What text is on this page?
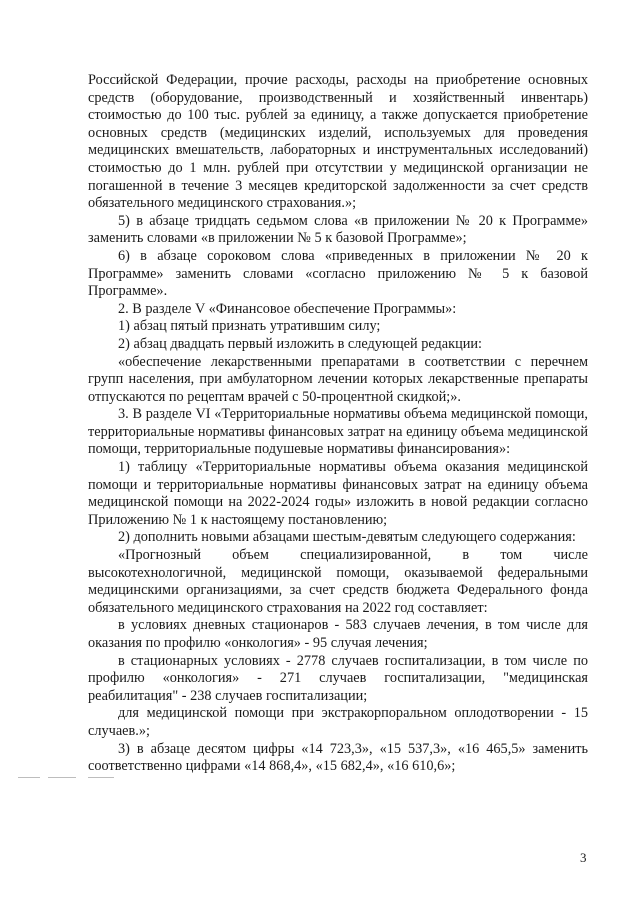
Российской Федерации, прочие расходы, расходы на приобретение основных средств (оборудование, производственный и хозяйственный инвентарь) стоимостью до 100 тыс. рублей за единицу, а также допускается приобретение основных средств (медицинских изделий, используемых для проведения медицинских вмешательств, лабораторных и инструментальных исследований) стоимостью до 1 млн. рублей при отсутствии у медицинской организации не погашенной в течение 3 месяцев кредиторской задолженности за счет средств обязательного медицинского страхования.»;

5) в абзаце тридцать седьмом слова «в приложении № 20 к Программе» заменить словами «в приложении № 5 к базовой Программе»;

6) в абзаце сороковом слова «приведенных в приложении № 20 к Программе» заменить словами «согласно приложению № 5 к базовой Программе».

2. В разделе V «Финансовое обеспечение Программы»:

1) абзац пятый признать утратившим силу;

2) абзац двадцать первый изложить в следующей редакции:

«обеспечение лекарственными препаратами в соответствии с перечнем групп населения, при амбулаторном лечении которых лекарственные препараты отпускаются по рецептам врачей с 50-процентной скидкой;».

3. В разделе VI «Территориальные нормативы объема медицинской помощи, территориальные нормативы финансовых затрат на единицу объема медицинской помощи, территориальные подушевые нормативы финансирования»:

1) таблицу «Территориальные нормативы объема оказания медицинской помощи и территориальные нормативы финансовых затрат на единицу объема медицинской помощи на 2022-2024 годы» изложить в новой редакции согласно Приложению № 1 к настоящему постановлению;

2) дополнить новыми абзацами шестым-девятым следующего содержания:

«Прогнозный объем специализированной, в том числе высокотехнологичной, медицинской помощи, оказываемой федеральными медицинскими организациями, за счет средств бюджета Федерального фонда обязательного медицинского страхования на 2022 год составляет:

в условиях дневных стационаров - 583 случаев лечения, в том числе для оказания по профилю «онкология» - 95 случая лечения;

в стационарных условиях - 2778 случаев госпитализации, в том числе по профилю «онкология» - 271 случаев госпитализации, "медицинская реабилитация" - 238 случаев госпитализации;

для медицинской помощи при экстракорпоральном оплодотворении - 15 случаев.»;

3) в абзаце десятом цифры «14 723,3», «15 537,3», «16 465,5» заменить соответственно цифрами «14 868,4», «15 682,4», «16 610,6»;

3
